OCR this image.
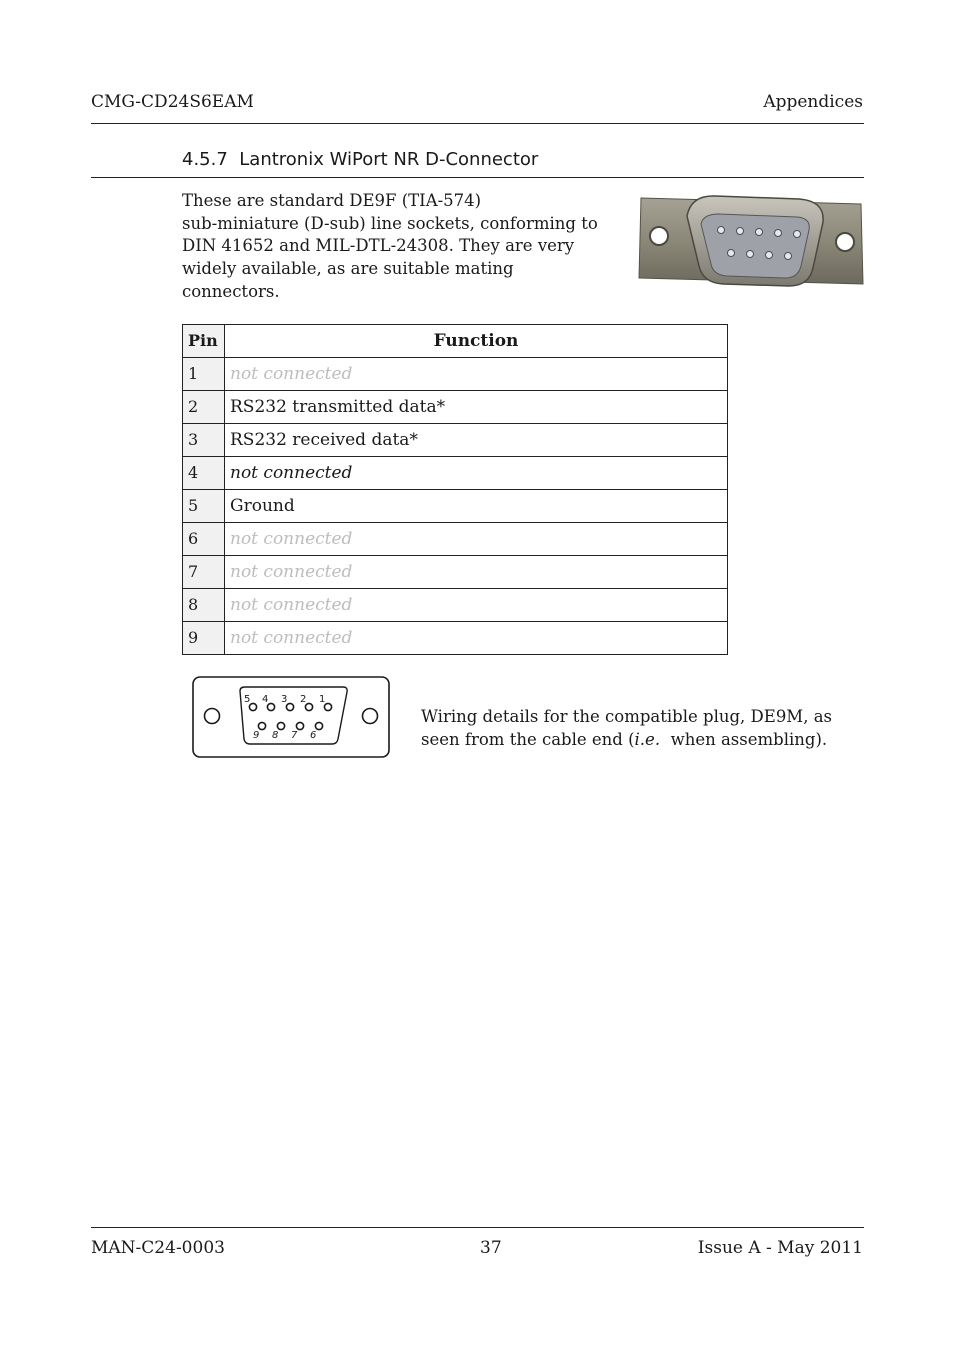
CMG-CD24S6EAM	Appendices
4.5.7 Lantronix WiPort NR D-Connector
These are standard DE9F (TIA-574)
sub-miniature (D-sub) line sockets, conforming to
DIN 41652 and MIL-DTL-24308. They are very
widely available, as are suitable mating
connectors.
Pin	Function
1	not connected
2	RS232 transmitted data*
3	RS232 received data*
4	not connected
5	Ground
6	not connected
7	not connected
8	not connected
9	not connected
5 4 3 2 1
9 8 7 6
Wiring details for the compatible plug, DE9M, as
seen from the cable end (i.e.  when assembling).
MAN-C24-0003	37	Issue A - May 2011
